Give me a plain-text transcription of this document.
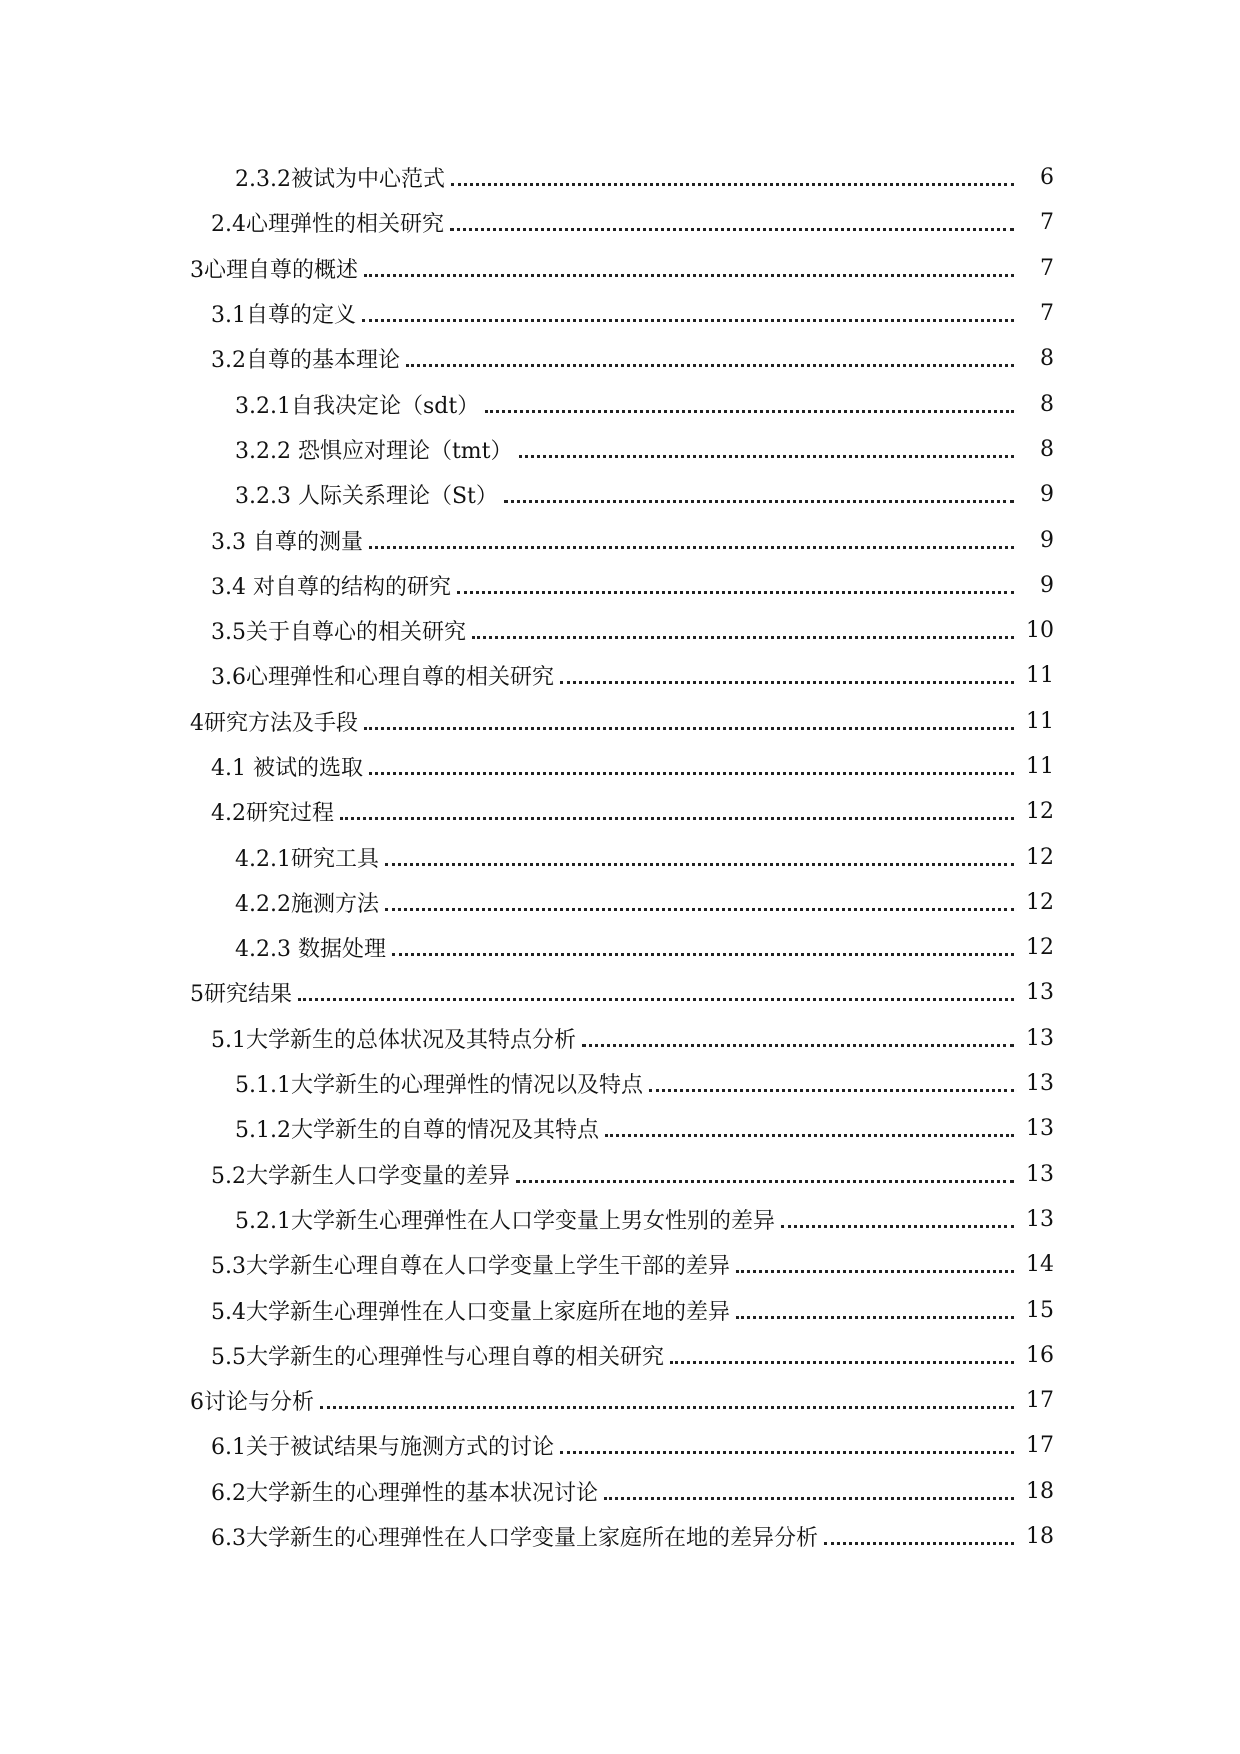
2.3.2被试为中心范式	6
2.4心理弹性的相关研究	7
3心理自尊的概述	7
3.1自尊的定义	7
3.2自尊的基本理论	8
3.2.1自我决定论（sdt）	8
3.2.2 恐惧应对理论（tmt）	8
3.2.3 人际关系理论（St）	9
3.3 自尊的测量	9
3.4 对自尊的结构的研究	9
3.5关于自尊心的相关研究	10
3.6心理弹性和心理自尊的相关研究	11
4研究方法及手段	11
4.1 被试的选取	11
4.2研究过程	12
4.2.1研究工具	12
4.2.2施测方法	12
4.2.3 数据处理	12
5研究结果	13
5.1大学新生的总体状况及其特点分析	13
5.1.1大学新生的心理弹性的情况以及特点	13
5.1.2大学新生的自尊的情况及其特点	13
5.2大学新生人口学变量的差异	13
5.2.1大学新生心理弹性在人口学变量上男女性别的差异	13
5.3大学新生心理自尊在人口学变量上学生干部的差异	14
5.4大学新生心理弹性在人口变量上家庭所在地的差异	15
5.5大学新生的心理弹性与心理自尊的相关研究	16
6讨论与分析	17
6.1关于被试结果与施测方式的讨论	17
6.2大学新生的心理弹性的基本状况讨论	18
6.3大学新生的心理弹性在人口学变量上家庭所在地的差异分析	18
